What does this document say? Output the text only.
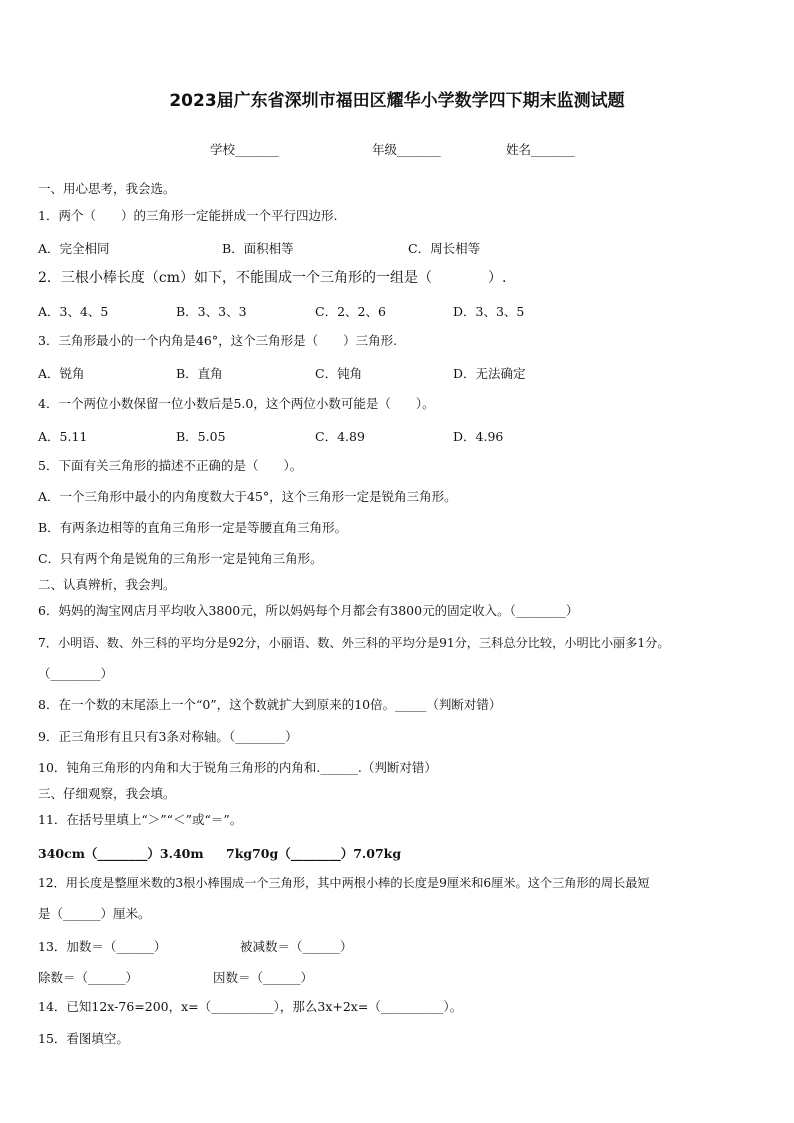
2023届广东省深圳市福田区耀华小学数学四下期末监测试题
学校_______	年级_______	姓名_______
一、用心思考，我会选。
1．两个（　　）的三角形一定能拼成一个平行四边形.
A．完全相同	B．面积相等	C．周长相等
2．三根小棒长度（cm）如下，不能围成一个三角形的一组是（　　　　）.
A．3、4、5	B．3、3、3	C．2、2、6	D．3、3、5
3．三角形最小的一个内角是46°，这个三角形是（　　）三角形.
A．锐角	B．直角	C．钝角	D．无法确定
4．一个两位小数保留一位小数后是5.0，这个两位小数可能是（　　）。
A．5.11	B．5.05	C．4.89	D．4.96
5．下面有关三角形的描述不正确的是（　　）。
A．一个三角形中最小的内角度数大于45°，这个三角形一定是锐角三角形。
B．有两条边相等的直角三角形一定是等腰直角三角形。
C．只有两个角是锐角的三角形一定是钝角三角形。
二、认真辨析，我会判。
6．妈妈的淘宝网店月平均收入3800元，所以妈妈每个月都会有3800元的固定收入。（________）
7．小明语、数、外三科的平均分是92分，小丽语、数、外三科的平均分是91分，三科总分比较，小明比小丽多1分。
（________）
8．在一个数的末尾添上一个“0”，这个数就扩大到原来的10倍。_____（判断对错）
9．正三角形有且只有3条对称轴。（________）
10．钝角三角形的内角和大于锐角三角形的内角和.______.（判断对错）
三、仔细观察，我会填。
11．在括号里填上“＞”“＜”或“＝”。
340cm（________）3.40m 7kg70g（________）7.07kg
12．用长度是整厘米数的3根小棒围成一个三角形，其中两根小棒的长度是9厘米和6厘米。这个三角形的周长最短
是（______）厘米。
13．加数＝（______）	被减数＝（______）
除数＝（______）	因数＝（______）
14．已知12x-76=200，x=（__________），那么3x+2x=（__________）。
15．看图填空。
